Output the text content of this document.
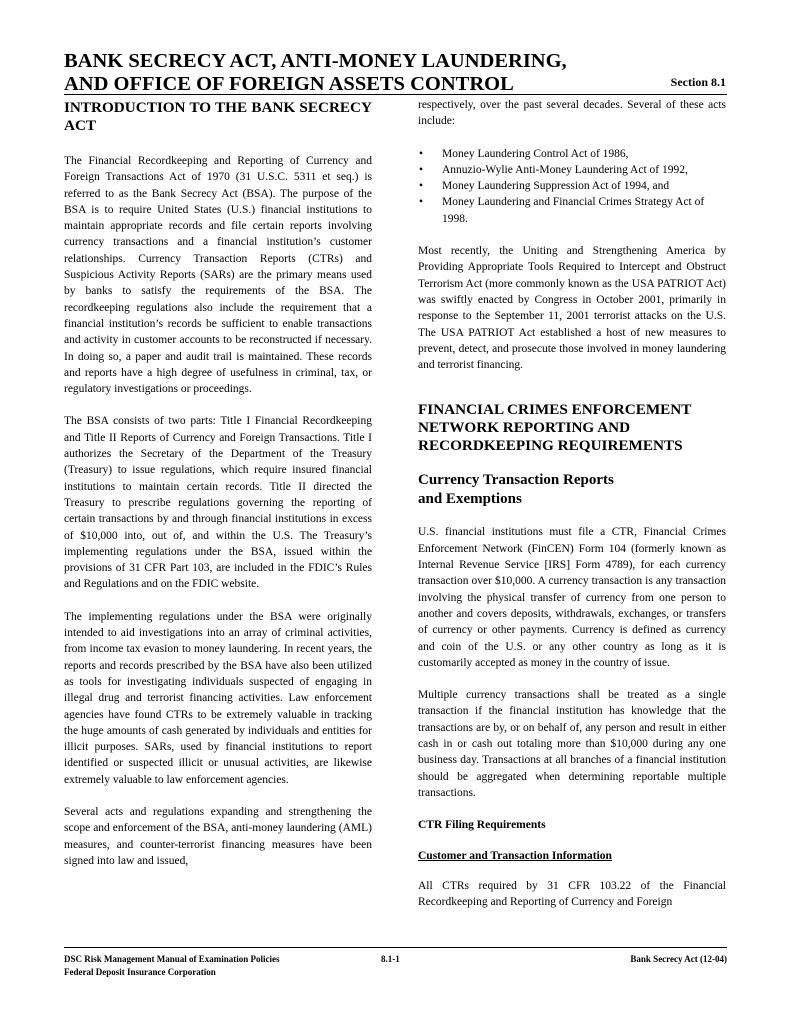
BANK SECRECY ACT, ANTI-MONEY LAUNDERING,
AND OFFICE OF FOREIGN ASSETS CONTROL	Section 8.1
INTRODUCTION TO THE BANK SECRECY ACT

The Financial Recordkeeping and Reporting of Currency and Foreign Transactions Act of 1970 (31 U.S.C. 5311 et seq.) is referred to as the Bank Secrecy Act (BSA). The purpose of the BSA is to require United States (U.S.) financial institutions to maintain appropriate records and file certain reports involving currency transactions and a financial institution’s customer relationships. Currency Transaction Reports (CTRs) and Suspicious Activity Reports (SARs) are the primary means used by banks to satisfy the requirements of the BSA. The recordkeeping regulations also include the requirement that a financial institution’s records be sufficient to enable transactions and activity in customer accounts to be reconstructed if necessary. In doing so, a paper and audit trail is maintained. These records and reports have a high degree of usefulness in criminal, tax, or regulatory investigations or proceedings.

The BSA consists of two parts: Title I Financial Recordkeeping and Title II Reports of Currency and Foreign Transactions. Title I authorizes the Secretary of the Department of the Treasury (Treasury) to issue regulations, which require insured financial institutions to maintain certain records. Title II directed the Treasury to prescribe regulations governing the reporting of certain transactions by and through financial institutions in excess of $10,000 into, out of, and within the U.S. The Treasury’s implementing regulations under the BSA, issued within the provisions of 31 CFR Part 103, are included in the FDIC’s Rules and Regulations and on the FDIC website.

The implementing regulations under the BSA were originally intended to aid investigations into an array of criminal activities, from income tax evasion to money laundering. In recent years, the reports and records prescribed by the BSA have also been utilized as tools for investigating individuals suspected of engaging in illegal drug and terrorist financing activities. Law enforcement agencies have found CTRs to be extremely valuable in tracking the huge amounts of cash generated by individuals and entities for illicit purposes. SARs, used by financial institutions to report identified or suspected illicit or unusual activities, are likewise extremely valuable to law enforcement agencies.

Several acts and regulations expanding and strengthening the scope and enforcement of the BSA, anti-money laundering (AML) measures, and counter-terrorist financing measures have been signed into law and issued,

respectively, over the past several decades. Several of these acts include:

• Money Laundering Control Act of 1986,
• Annuzio-Wylie Anti-Money Laundering Act of 1992,
• Money Laundering Suppression Act of 1994, and
• Money Laundering and Financial Crimes Strategy Act of 1998.

Most recently, the Uniting and Strengthening America by Providing Appropriate Tools Required to Intercept and Obstruct Terrorism Act (more commonly known as the USA PATRIOT Act) was swiftly enacted by Congress in October 2001, primarily in response to the September 11, 2001 terrorist attacks on the U.S. The USA PATRIOT Act established a host of new measures to prevent, detect, and prosecute those involved in money laundering and terrorist financing.

FINANCIAL CRIMES ENFORCEMENT NETWORK REPORTING AND RECORDKEEPING REQUIREMENTS
Currency Transaction Reports
and Exemptions

U.S. financial institutions must file a CTR, Financial Crimes Enforcement Network (FinCEN) Form 104 (formerly known as Internal Revenue Service [IRS] Form 4789), for each currency transaction over $10,000. A currency transaction is any transaction involving the physical transfer of currency from one person to another and covers deposits, withdrawals, exchanges, or transfers of currency or other payments. Currency is defined as currency and coin of the U.S. or any other country as long as it is customarily accepted as money in the country of issue.

Multiple currency transactions shall be treated as a single transaction if the financial institution has knowledge that the transactions are by, or on behalf of, any person and result in either cash in or cash out totaling more than $10,000 during any one business day. Transactions at all branches of a financial institution should be aggregated when determining reportable multiple transactions.

CTR Filing Requirements
Customer and Transaction Information

All CTRs required by 31 CFR 103.22 of the Financial Recordkeeping and Reporting of Currency and Foreign

DSC Risk Management Manual of Examination Policies
Federal Deposit Insurance Corporation
8.1-1	Bank Secrecy Act (12-04)
